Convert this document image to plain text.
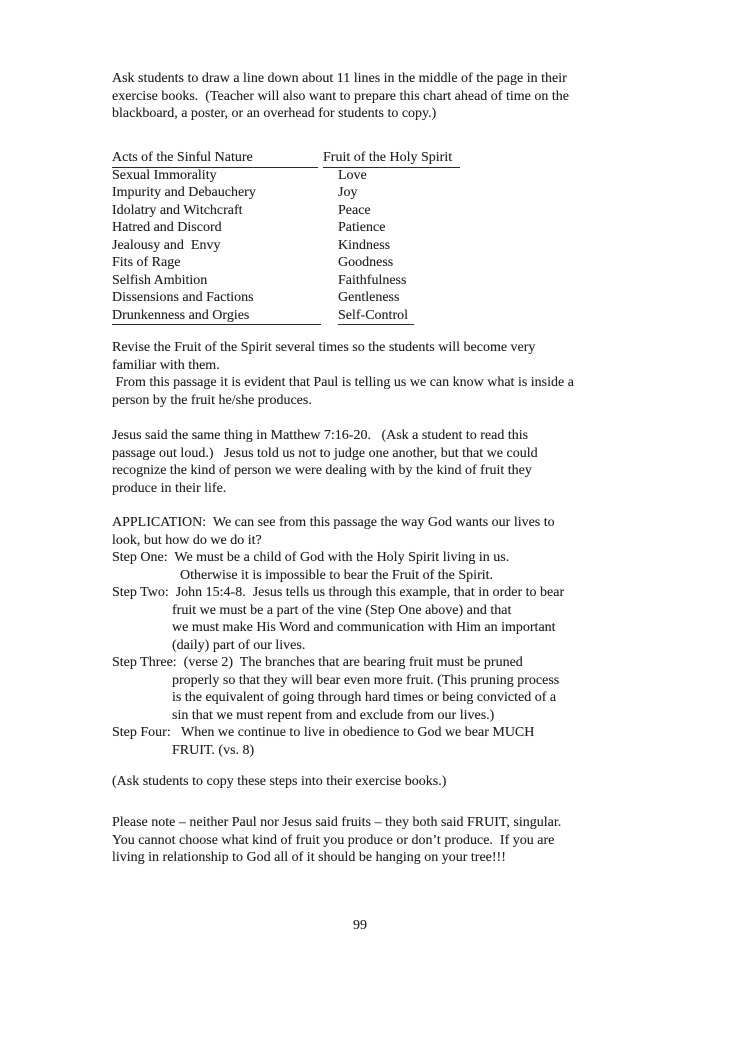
Ask students to draw a line down about 11 lines in the middle of the page in their
exercise books.  (Teacher will also want to prepare this chart ahead of time on the
blackboard, a poster, or an overhead for students to copy.)
Acts of the Sinful Nature	Fruit of the Holy Spirit
Sexual Immorality	Love
Impurity and Debauchery	Joy
Idolatry and Witchcraft	Peace
Hatred and Discord	Patience
Jealousy and  Envy	Kindness
Fits of Rage	Goodness
Selfish Ambition	Faithfulness
Dissensions and Factions	Gentleness
Drunkenness and Orgies	Self-Control
Revise the Fruit of the Spirit several times so the students will become very
familiar with them.
From this passage it is evident that Paul is telling us we can know what is inside a
person by the fruit he/she produces.
Jesus said the same thing in Matthew 7:16-20.   (Ask a student to read this
passage out loud.)   Jesus told us not to judge one another, but that we could
recognize the kind of person we were dealing with by the kind of fruit they
produce in their life.
APPLICATION:  We can see from this passage the way God wants our lives to
look, but how do we do it?
Step One:  We must be a child of God with the Holy Spirit living in us.
Otherwise it is impossible to bear the Fruit of the Spirit.
Step Two:  John 15:4-8.  Jesus tells us through this example, that in order to bear
fruit we must be a part of the vine (Step One above) and that
we must make His Word and communication with Him an important
(daily) part of our lives.
Step Three:  (verse 2)  The branches that are bearing fruit must be pruned
properly so that they will bear even more fruit. (This pruning process
is the equivalent of going through hard times or being convicted of a
sin that we must repent from and exclude from our lives.)
Step Four:   When we continue to live in obedience to God we bear MUCH
FRUIT. (vs. 8)
(Ask students to copy these steps into their exercise books.)
Please note – neither Paul nor Jesus said fruits – they both said FRUIT, singular.
You cannot choose what kind of fruit you produce or don’t produce.  If you are
living in relationship to God all of it should be hanging on your tree!!!
99
